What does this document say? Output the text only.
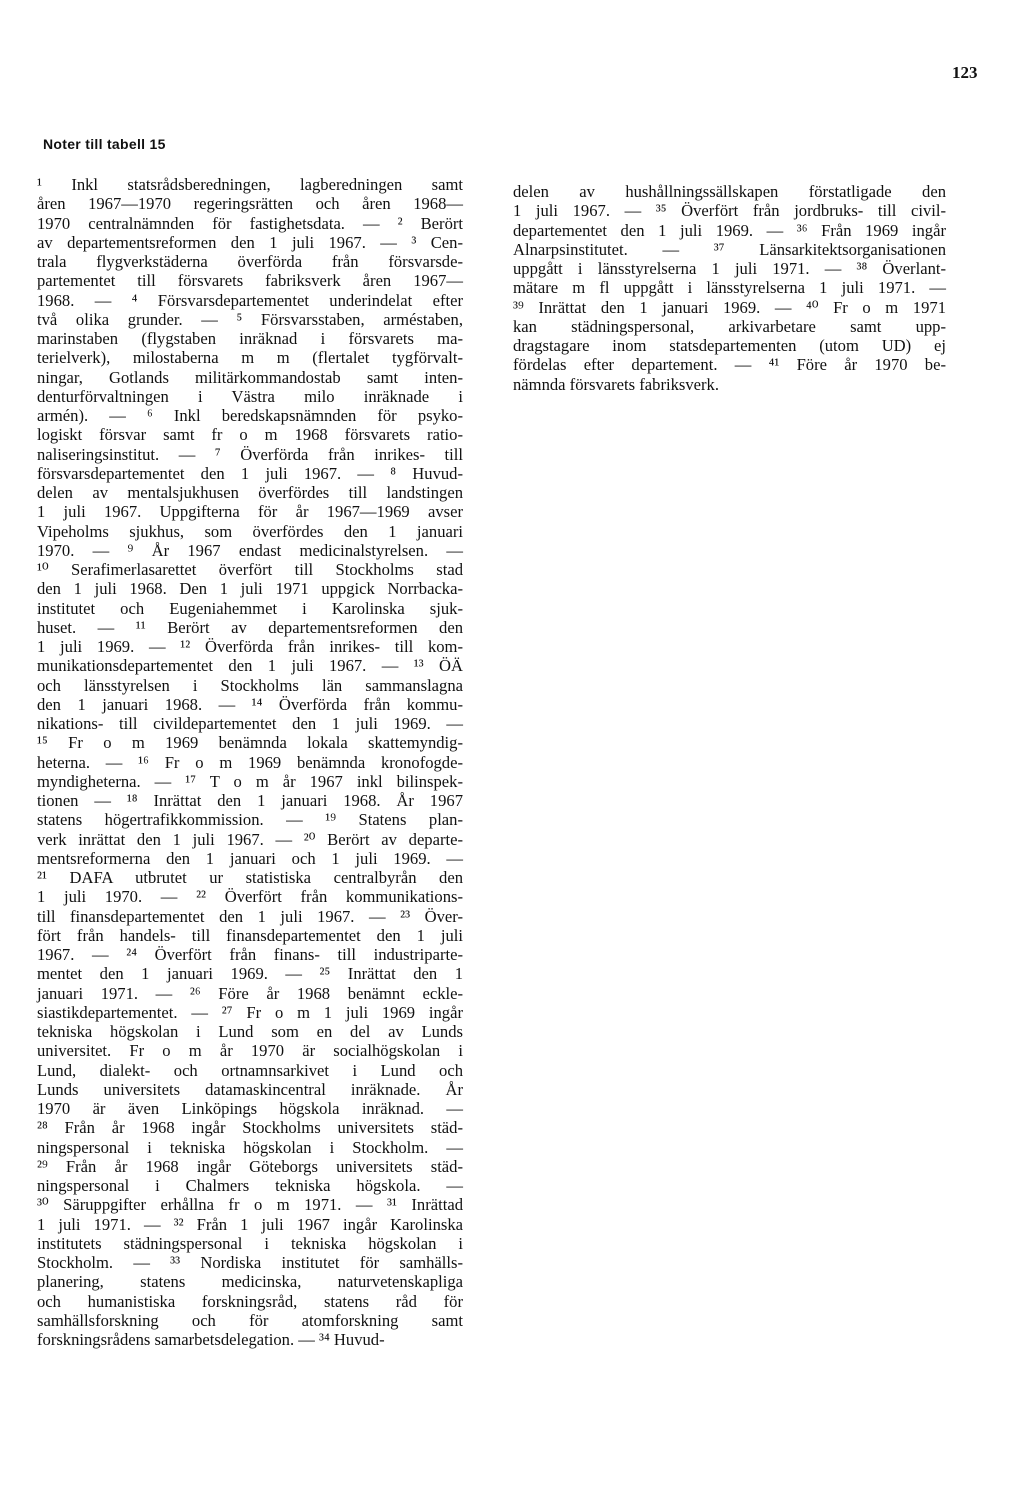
123
Noter till tabell 15
¹ Inkl statsrådsberedningen, lagberedningen samt
åren 1967—1970 regeringsrätten och åren 1968—
1970 centralnämnden för fastighetsdata. — ² Berört
av departementsreformen den 1 juli 1967. — ³ Cen-
trala flygverkstäderna överförda från försvarsde-
partementet till försvarets fabriksverk åren 1967—
1968. — ⁴ Försvarsdepartementet underindelat efter
två olika grunder. — ⁵ Försvarsstaben, arméstaben,
marinstaben (flygstaben inräknad i försvarets ma-
terielverk), milostaberna m m (flertalet tygförvalt-
ningar, Gotlands militärkommandostab samt inten-
denturförvaltningen i Västra milo inräknade i
armén). — ⁶ Inkl beredskapsnämnden för psyko-
logiskt försvar samt fr o m 1968 försvarets ratio-
naliseringsinstitut. — ⁷ Överförda från inrikes- till
försvarsdepartementet den 1 juli 1967. — ⁸ Huvud-
delen av mentalsjukhusen överfördes till landstingen
1 juli 1967. Uppgifterna för år 1967—1969 avser
Vipeholms sjukhus, som överfördes den 1 januari
1970. — ⁹ År 1967 endast medicinalstyrelsen. —
¹⁰ Serafimerlasarettet överfört till Stockholms stad
den 1 juli 1968. Den 1 juli 1971 uppgick Norrbacka-
institutet och Eugeniahemmet i Karolinska sjuk-
huset. — ¹¹ Berört av departementsreformen den
1 juli 1969. — ¹² Överförda från inrikes- till kom-
munikationsdepartementet den 1 juli 1967. — ¹³ ÖÄ
och länsstyrelsen i Stockholms län sammanslagna
den 1 januari 1968. — ¹⁴ Överförda från kommu-
nikations- till civildepartementet den 1 juli 1969. —
¹⁵ Fr o m 1969 benämnda lokala skattemyndig-
heterna. — ¹⁶ Fr o m 1969 benämnda kronofogde-
myndigheterna. — ¹⁷ T o m år 1967 inkl bilinspek-
tionen — ¹⁸ Inrättat den 1 januari 1968. År 1967
statens högertrafikkommission. — ¹⁹ Statens plan-
verk inrättat den 1 juli 1967. — ²⁰ Berört av departe-
mentsreformerna den 1 januari och 1 juli 1969. —
²¹ DAFA utbrutet ur statistiska centralbyrån den
1 juli 1970. — ²² Överfört från kommunikations-
till finansdepartementet den 1 juli 1967. — ²³ Över-
fört från handels- till finansdepartementet den 1 juli
1967. — ²⁴ Överfört från finans- till industriparte-
mentet den 1 januari 1969. — ²⁵ Inrättat den 1
januari 1971. — ²⁶ Före år 1968 benämnt eckle-
siastikdepartementet. — ²⁷ Fr o m 1 juli 1969 ingår
tekniska högskolan i Lund som en del av Lunds
universitet. Fr o m år 1970 är socialhögskolan i
Lund, dialekt- och ortnamnsarkivet i Lund och
Lunds universitets datamaskincentral inräknade. År
1970 är även Linköpings högskola inräknad. —
²⁸ Från år 1968 ingår Stockholms universitets städ-
ningspersonal i tekniska högskolan i Stockholm. —
²⁹ Från år 1968 ingår Göteborgs universitets städ-
ningspersonal i Chalmers tekniska högskola. —
³⁰ Säruppgifter erhållna fr o m 1971. — ³¹ Inrättad
1 juli 1971. — ³² Från 1 juli 1967 ingår Karolinska
institutets städningspersonal i tekniska högskolan i
Stockholm. — ³³ Nordiska institutet för samhälls-
planering, statens medicinska, naturvetenskapliga
och humanistiska forskningsråd, statens råd för
samhällsforskning och för atomforskning samt
forskningsrådens samarbetsdelegation. — ³⁴ Huvud-
delen av hushållningssällskapen förstatligade den
1 juli 1967. — ³⁵ Överfört från jordbruks- till civil-
departementet den 1 juli 1969. — ³⁶ Från 1969 ingår
Alnarpsinstitutet. — ³⁷ Länsarkitektsorganisationen
uppgått i länsstyrelserna 1 juli 1971. — ³⁸ Överlant-
mätare m fl uppgått i länsstyrelserna 1 juli 1971. —
³⁹ Inrättat den 1 januari 1969. — ⁴⁰ Fr o m 1971
kan städningspersonal, arkivarbetare samt upp-
dragstagare inom statsdepartementen (utom UD) ej
fördelas efter departement. — ⁴¹ Före år 1970 be-
nämnda försvarets fabriksverk.
